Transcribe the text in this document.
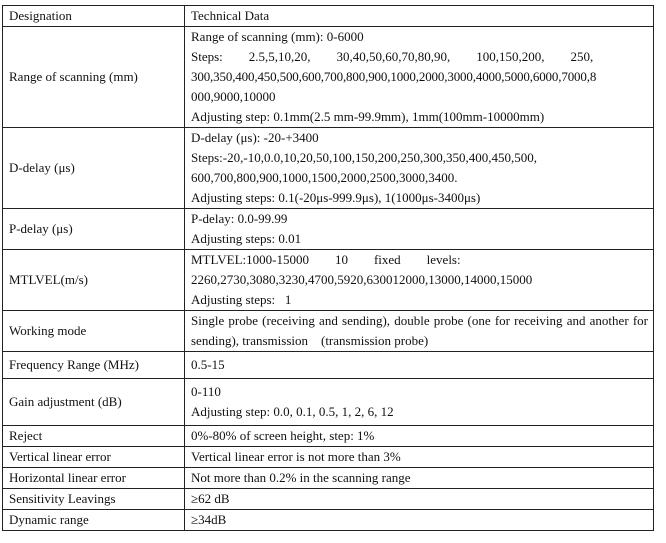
Designation	Technical Data
Range of scanning (mm)	Range of scanning (mm): 0-6000
Steps:        2.5,5,10,20,        30,40,50,60,70,80,90,        100,150,200,        250,
300,350,400,450,500,600,700,800,900,1000,2000,3000,4000,5000,6000,7000,8
000,9000,10000
Adjusting step: 0.1mm(2.5 mm-99.9mm), 1mm(100mm-10000mm)

D-delay (μs)	D-delay (μs): -20-+3400
Steps:-20,-10,0.0,10,20,50,100,150,200,250,300,350,400,450,500,
600,700,800,900,1000,1500,2000,2500,3000,3400.
Adjusting steps: 0.1(-20μs-999.9μs), 1(1000μs-3400μs)

P-delay (μs)	P-delay: 0.0-99.99
Adjusting steps: 0.01

MTLVEL(m/s)	MTLVEL:1000-15000        10        fixed        levels:
2260,2730,3080,3230,4700,5920,630012000,13000,14000,15000
Adjusting steps:   1

Working mode	Single probe (receiving and sending), double probe (one for receiving and another for sending), transmission    (transmission probe)

Frequency Range (MHz)	0.5-15

Gain adjustment (dB)	0-110
Adjusting step: 0.0, 0.1, 0.5, 1, 2, 6, 12

Reject	0%-80% of screen height, step: 1%

Vertical linear error	Vertical linear error is not more than 3%

Horizontal linear error	Not more than 0.2% in the scanning range

Sensitivity Leavings	≥62 dB

Dynamic range	≥34dB
